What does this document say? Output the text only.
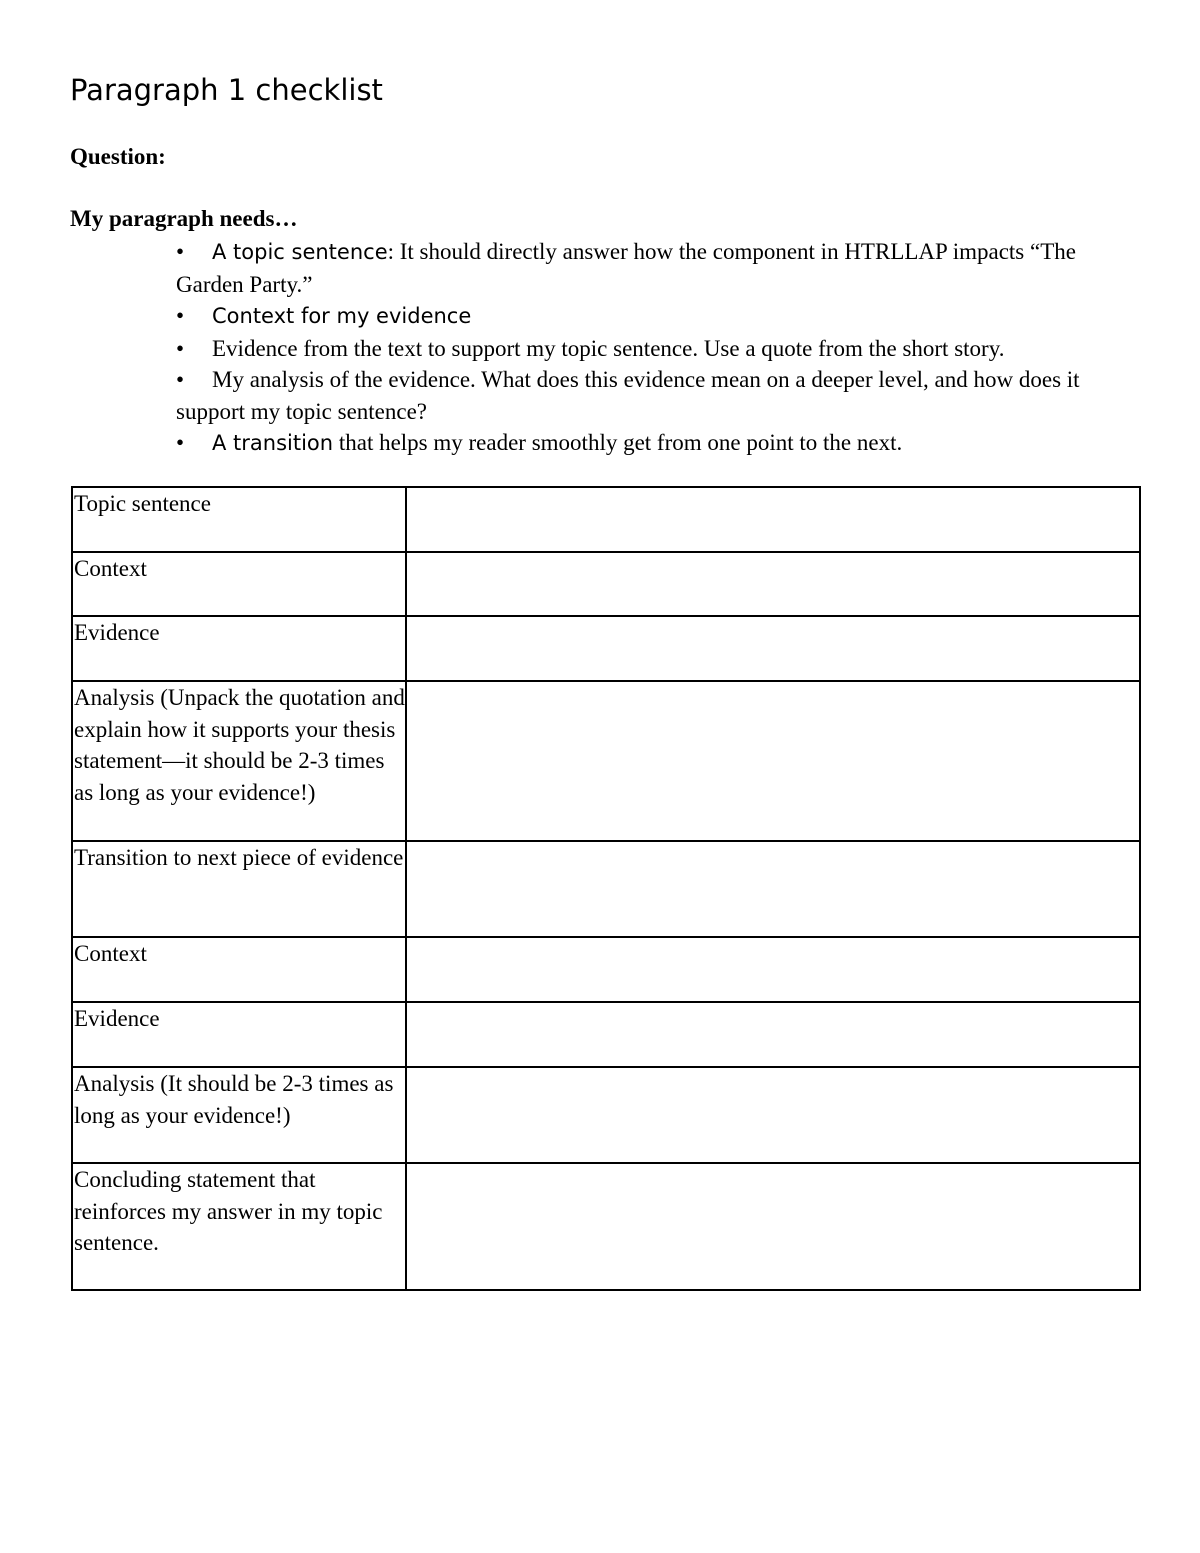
Paragraph 1 checklist

Question:

My paragraph needs…

• A topic sentence: It should directly answer how the component in HTRLLAP impacts “The Garden Party.”
• Context for my evidence
• Evidence from the text to support my topic sentence. Use a quote from the short story.
• My analysis of the evidence. What does this evidence mean on a deeper level, and how does it support my topic sentence?
• A transition that helps my reader smoothly get from one point to the next.
Topic sentence	
Context	
Evidence	
Analysis (Unpack the quotation and explain how it supports your thesis statement—it should be 2-3 times as long as your evidence!)	
Transition to next piece of evidence	
Context	
Evidence	
Analysis (It should be 2-3 times as long as your evidence!)	
Concluding statement that reinforces my answer in my topic sentence.	
